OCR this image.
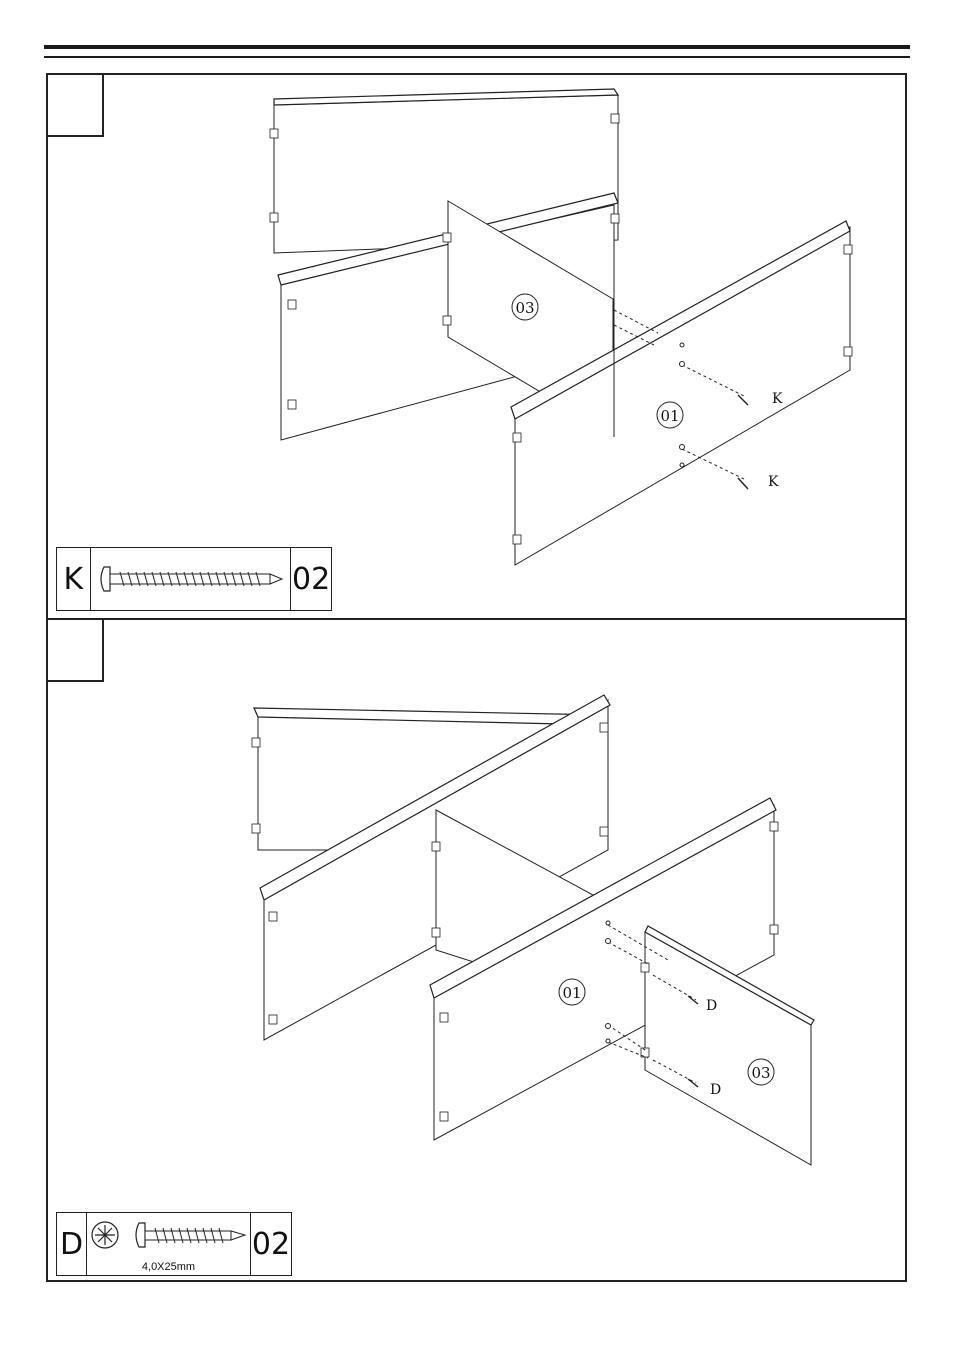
03
01
K
K
K	02
01
03
D
D
D
4,0X25mm
02
